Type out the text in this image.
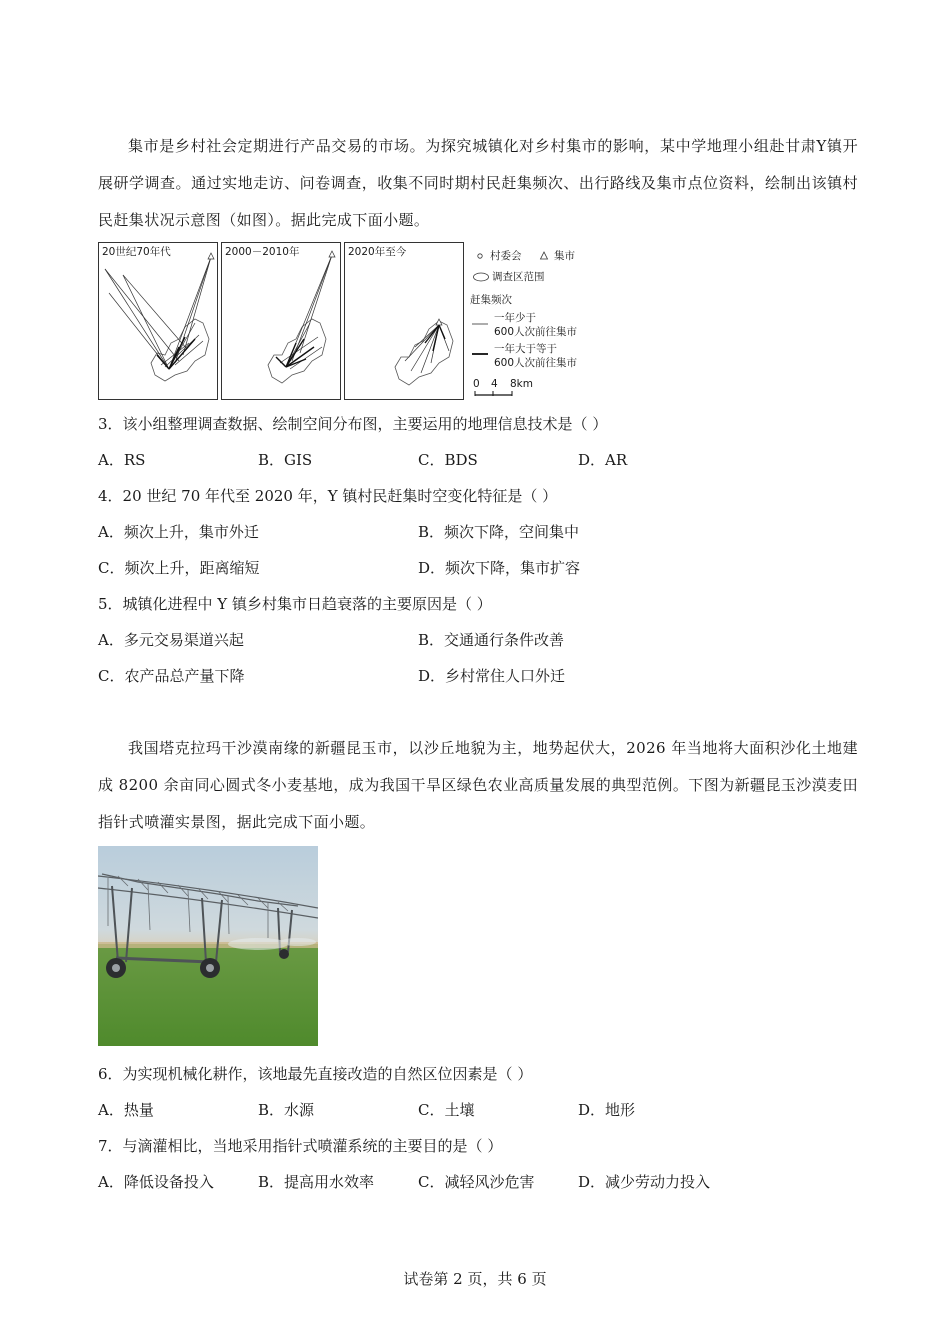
集市是乡村社会定期进行产品交易的市场。为探究城镇化对乡村集市的影响，某中学地理小组赴甘肃Y镇开展研学调查。通过实地走访、问卷调查，收集不同时期村民赶集频次、出行路线及集市点位资料，绘制出该镇村民赶集状况示意图（如图）。据此完成下面小题。

20世纪70年代	2000－2010年	2020年至今	村委会	集市
调查区范围
赶集频次
一年少于
600人次前往集市
一年大于等于
600人次前往集市
0 4 8km
3．该小组整理调查数据、绘制空间分布图，主要运用的地理信息技术是（ ）
A．RS	B．GIS	C．BDS	D．AR
4．20 世纪 70 年代至 2020 年，Y 镇村民赶集时空变化特征是（ ）
A．频次上升，集市外迁	B．频次下降，空间集中
C．频次上升，距离缩短	D．频次下降，集市扩容
5．城镇化进程中 Y 镇乡村集市日趋衰落的主要原因是（ ）
A．多元交易渠道兴起	B．交通通行条件改善
C．农产品总产量下降	D．乡村常住人口外迁

我国塔克拉玛干沙漠南缘的新疆昆玉市，以沙丘地貌为主，地势起伏大，2026 年当地将大面积沙化土地建成 8200 余亩同心圆式冬小麦基地，成为我国干旱区绿色农业高质量发展的典型范例。下图为新疆昆玉沙漠麦田指针式喷灌实景图，据此完成下面小题。

6．为实现机械化耕作，该地最先直接改造的自然区位因素是（ ）
A．热量	B．水源	C．土壤	D．地形
7．与滴灌相比，当地采用指针式喷灌系统的主要目的是（ ）
A．降低设备投入	B．提高用水效率	C．减轻风沙危害	D．减少劳动力投入
试卷第 2 页，共 6 页
